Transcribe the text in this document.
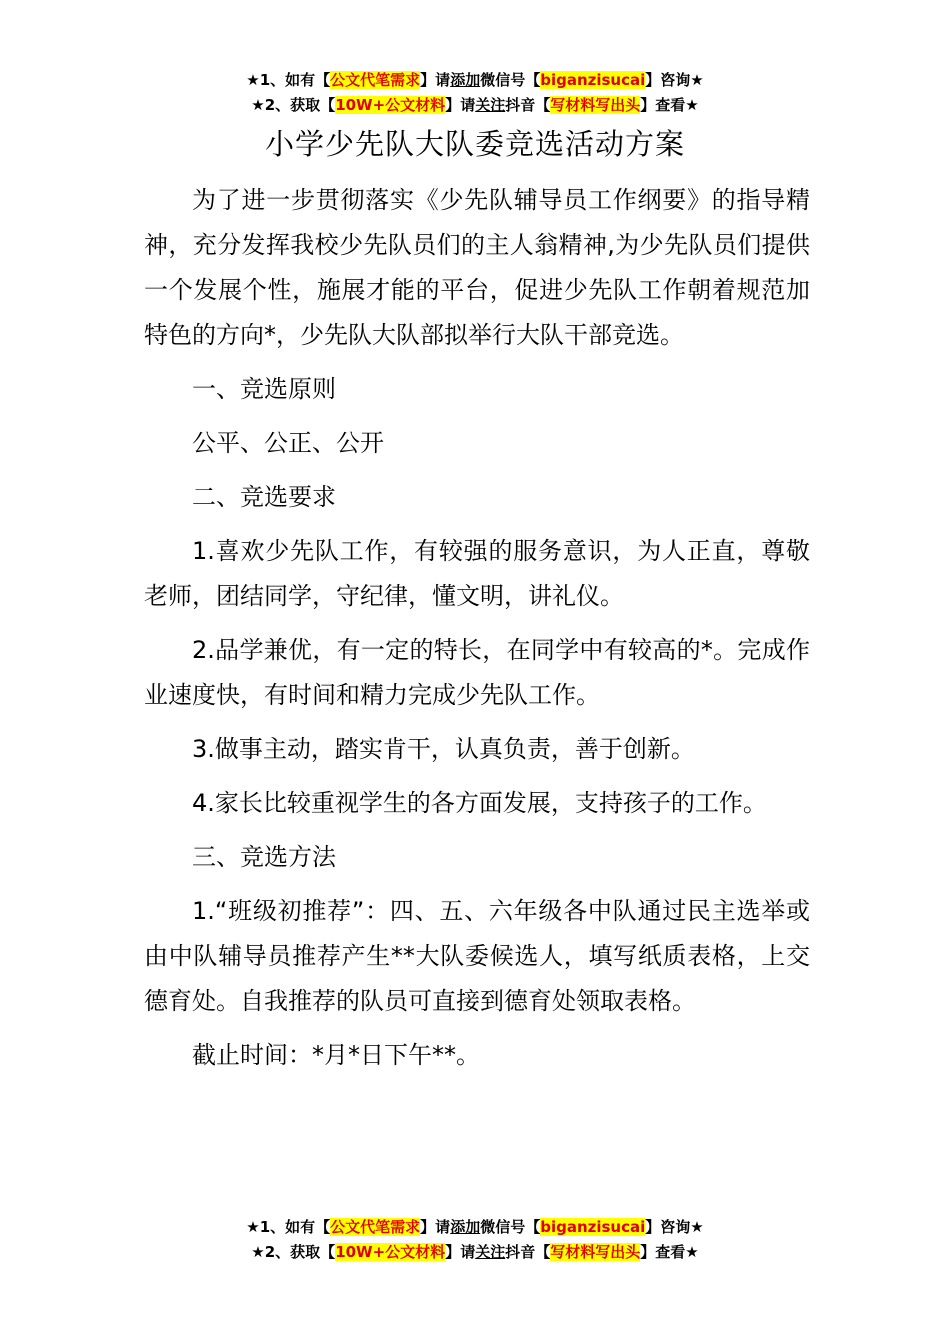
★1、如有【公文代笔需求】请添加微信号【biganzisucai】咨询★
★2、获取【10W+公文材料】请关注抖音【写材料写出头】查看★
小学少先队大队委竞选活动方案

为了进一步贯彻落实《少先队辅导员工作纲要》的指导精神，充分发挥我校少先队员们的主人翁精神,为少先队员们提供一个发展个性，施展才能的平台，促进少先队工作朝着规范加特色的方向*，少先队大队部拟举行大队干部竞选。

一、竞选原则

公平、公正、公开

二、竞选要求

1.喜欢少先队工作，有较强的服务意识，为人正直，尊敬老师，团结同学，守纪律，懂文明，讲礼仪。

2.品学兼优，有一定的特长，在同学中有较高的*。完成作业速度快，有时间和精力完成少先队工作。

3.做事主动，踏实肯干，认真负责，善于创新。

4.家长比较重视学生的各方面发展，支持孩子的工作。

三、竞选方法

1.“班级初推荐”：四、五、六年级各中队通过民主选举或由中队辅导员推荐产生**大队委候选人，填写纸质表格，上交德育处。自我推荐的队员可直接到德育处领取表格。

截止时间：*月*日下午**。

★1、如有【公文代笔需求】请添加微信号【biganzisucai】咨询★
★2、获取【10W+公文材料】请关注抖音【写材料写出头】查看★
